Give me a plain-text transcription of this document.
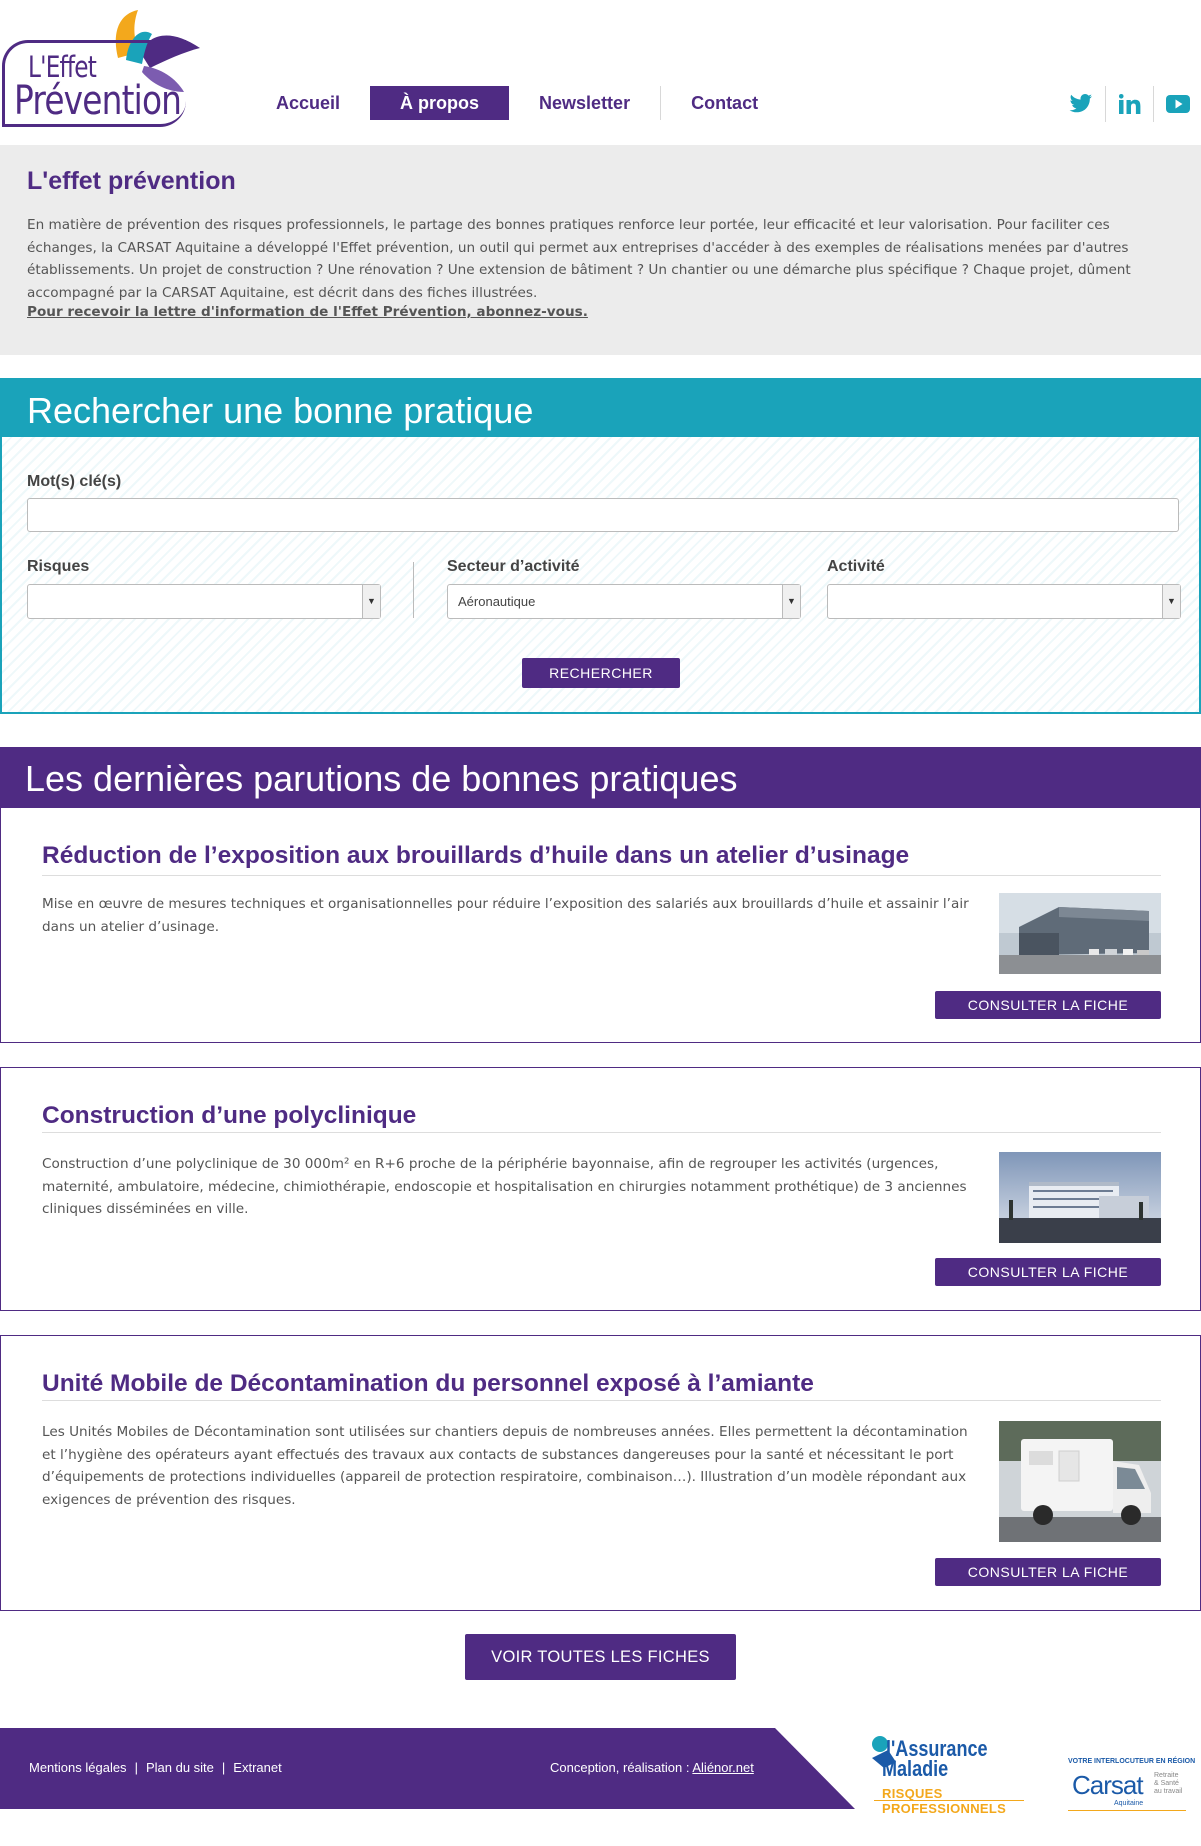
L'Effet
Prévention	Accueil	À propos	Newsletter	Contact
L'effet prévention

En matière de prévention des risques professionnels, le partage des bonnes pratiques renforce leur portée, leur efficacité et leur valorisation. Pour faciliter ces échanges, la CARSAT Aquitaine a développé l'Effet prévention, un outil qui permet aux entreprises d'accéder à des exemples de réalisations menées par d'autres établissements. Un projet de construction ? Une rénovation ? Une extension de bâtiment ? Un chantier ou une démarche plus spécifique ? Chaque projet, dûment accompagné par la CARSAT Aquitaine, est décrit dans des fiches illustrées.

Pour recevoir la lettre d'information de l'Effet Prévention, abonnez-vous.
Rechercher une bonne pratique
Mot(s) clé(s)
Risques
▼
Secteur d’activité
Aéronautique	▼
Activité
▼
RECHERCHER
Les dernières parutions de bonnes pratiques
Réduction de l’exposition aux brouillards d’huile dans un atelier d’usinage

Mise en œuvre de mesures techniques et organisationnelles pour réduire l’exposition des salariés aux brouillards d’huile et assainir l’air dans un atelier d’usinage.

CONSULTER LA FICHE
Construction d’une polyclinique

Construction d’une polyclinique de 30 000m² en R+6 proche de la périphérie bayonnaise, afin de regrouper les activités (urgences, maternité, ambulatoire, médecine, chimiothérapie, endoscopie et hospitalisation en chirurgies notamment prothétique) de 3 anciennes cliniques disséminées en ville.

CONSULTER LA FICHE
Unité Mobile de Décontamination du personnel exposé à l’amiante

Les Unités Mobiles de Décontamination sont utilisées sur chantiers depuis de nombreuses années. Elles permettent la décontamination et l’hygiène des opérateurs ayant effectués des travaux aux contacts de substances dangereuses pour la santé et nécessitant le port d’équipements de protections individuelles (appareil de protection respiratoire, combinaison…). Illustration d’un modèle répondant aux exigences de prévention des risques.

CONSULTER LA FICHE
VOIR TOUTES LES FICHES
Mentions légales | Plan du site | Extranet	Conception, réalisation : Aliénor.net
l'Assurance
Maladie
RISQUES PROFESSIONNELS
VOTRE INTERLOCUTEUR EN RÉGION
Carsat Retraite
& Santé
au travail
Aquitaine
